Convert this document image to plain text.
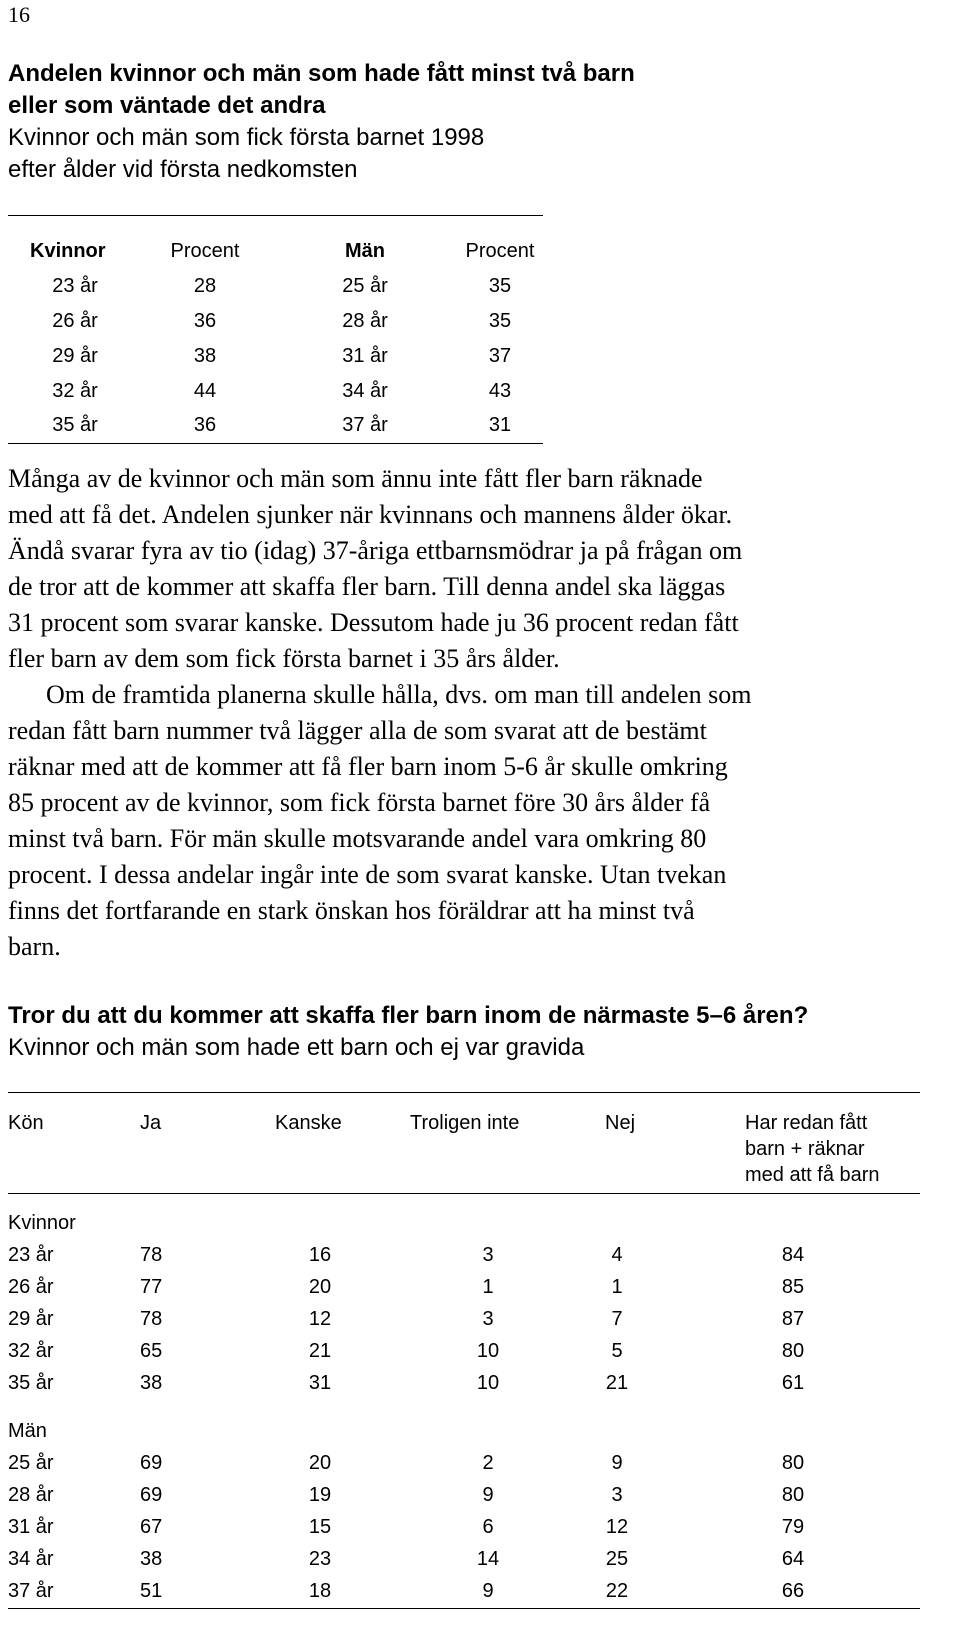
16
Andelen kvinnor och män som hade fått minst två barn
eller som väntade det andra
Kvinnor och män som fick första barnet 1998
efter ålder vid första nedkomsten
Kvinnor	Procent	Män	Procent
23 år	28	25 år	35
26 år	36	28 år	35
29 år	38	31 år	37
32 år	44	34 år	43
35 år	36	37 år	31
Många av de kvinnor och män som ännu inte fått fler barn räknade
med att få det. Andelen sjunker när kvinnans och mannens ålder ökar.
Ändå svarar fyra av tio (idag) 37-åriga ettbarnsmödrar ja på frågan om
de tror att de kommer att skaffa fler barn. Till denna andel ska läggas
31 procent som svarar kanske. Dessutom hade ju 36 procent redan fått
fler barn av dem som fick första barnet i 35 års ålder.
Om de framtida planerna skulle hålla, dvs. om man till andelen som
redan fått barn nummer två lägger alla de som svarat att de bestämt
räknar med att de kommer att få fler barn inom 5-6 år skulle omkring
85 procent av de kvinnor, som fick första barnet före 30 års ålder få
minst två barn. För män skulle motsvarande andel vara omkring 80
procent. I dessa andelar ingår inte de som svarat kanske. Utan tvekan
finns det fortfarande en stark önskan hos föräldrar att ha minst två
barn.
Tror du att du kommer att skaffa fler barn inom de närmaste 5–6 åren?
Kvinnor och män som hade ett barn och ej var gravida
Kön	Ja	Kanske	Troligen inte	Nej	Har redan fått
barn + räknar
med att få barn
Kvinnor
23 år	78	16	3	4	84
26 år	77	20	1	1	85
29 år	78	12	3	7	87
32 år	65	21	10	5	80
35 år	38	31	10	21	61
Män
25 år	69	20	2	9	80
28 år	69	19	9	3	80
31 år	67	15	6	12	79
34 år	38	23	14	25	64
37 år	51	18	9	22	66
